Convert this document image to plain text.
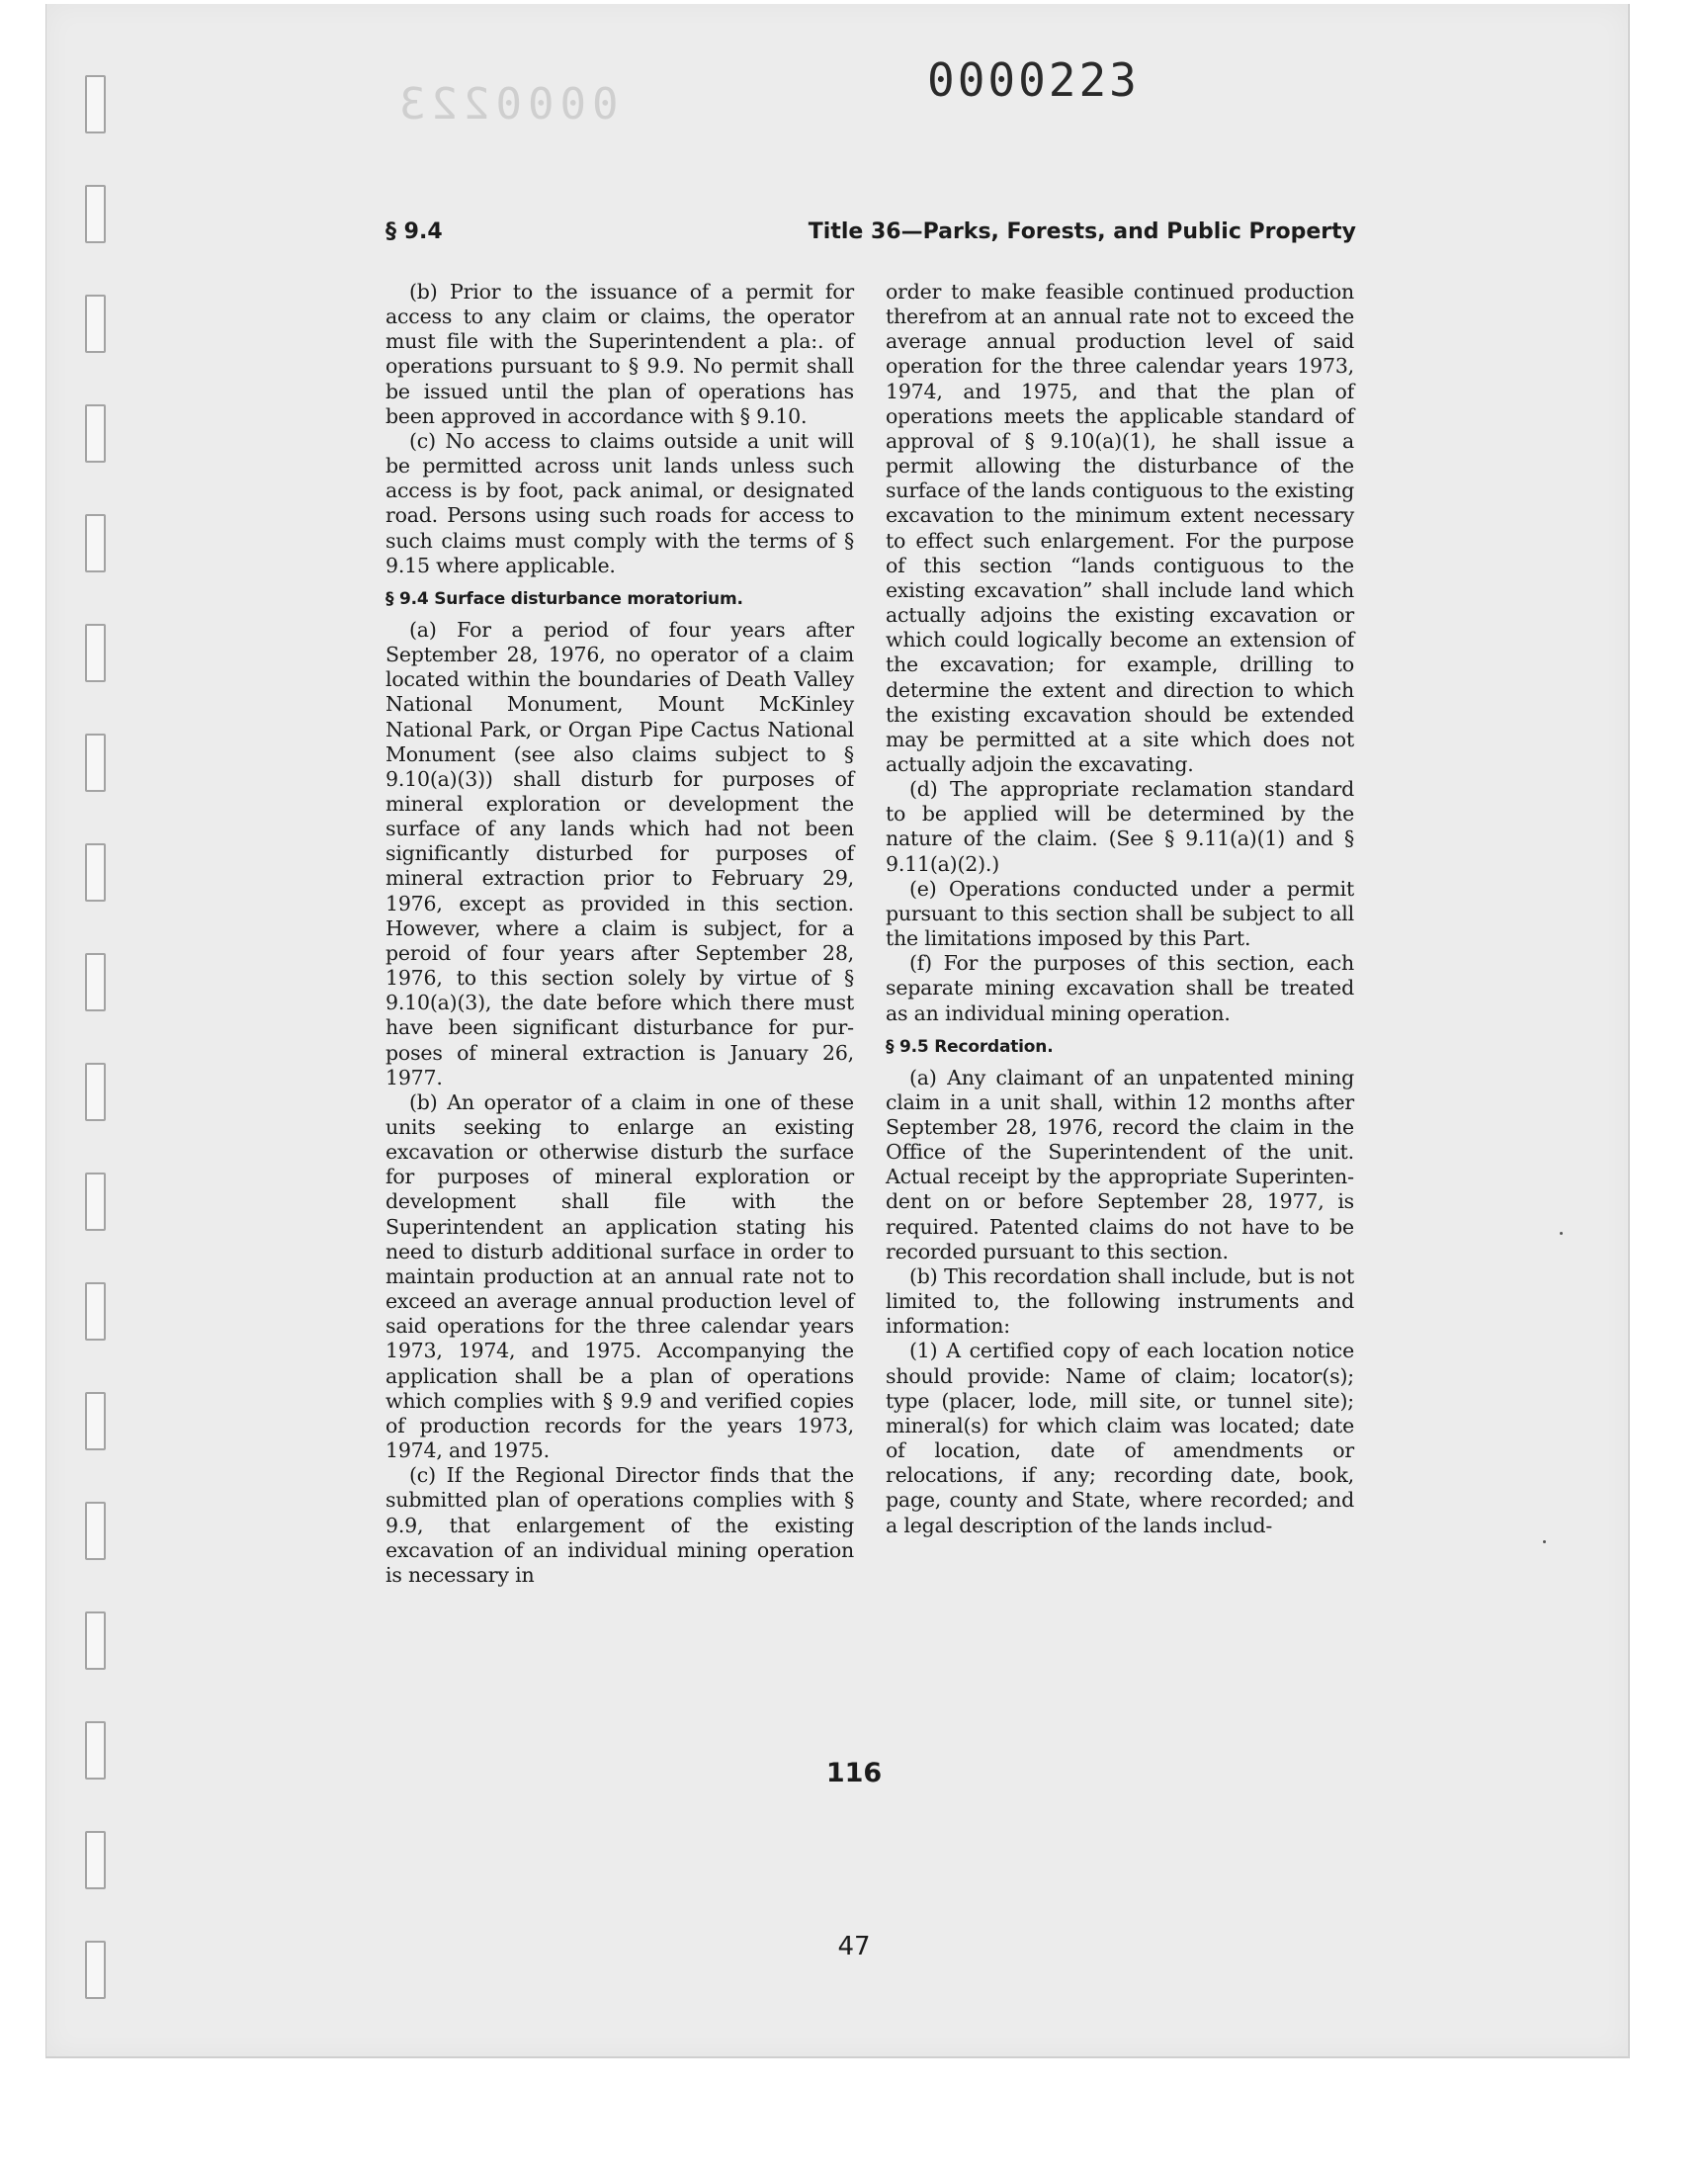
0000223	0000223
§ 9.4	Title 36—Parks, Forests, and Public Property

(b) Prior to the issuance of a permit for access to any claim or claims, the operator must file with the Superintendent a pla:. of operations pursuant to § 9.9. No permit shall be issued until the plan of operations has been approved in accordance with § 9.10.

(c) No access to claims outside a unit will be permitted across unit lands unless such access is by foot, pack animal, or designated road. Persons using such roads for access to such claims must comply with the terms of § 9.15 where applicable.

§ 9.4 Surface disturbance moratorium.

(a) For a period of four years after September 28, 1976, no operator of a claim located within the boundaries of Death Valley National Monument, Mount McKinley National Park, or Organ Pipe Cactus National Monument (see also claims subject to § 9.10(a)(3)) shall disturb for purposes of mineral exploration or development the surface of any lands which had not been significantly disturbed for purposes of mineral extraction prior to February 29, 1976, except as provided in this section. However, where a claim is subject, for a peroid of four years after September 28, 1976, to this section solely by virtue of § 9.10(a)(3), the date before which there must have been significant disturbance for purposes of mineral extraction is January 26, 1977.

(b) An operator of a claim in one of these units seeking to enlarge an existing excavation or otherwise disturb the surface for purposes of mineral exploration or development shall file with the Superintendent an application stating his need to disturb additional surface in order to maintain production at an annual rate not to exceed an average annual production level of said operations for the three calendar years 1973, 1974, and 1975. Accompanying the application shall be a plan of operations which complies with § 9.9 and verified copies of production records for the years 1973, 1974, and 1975.

(c) If the Regional Director finds that the submitted plan of operations complies with § 9.9, that enlargement of the existing excavation of an individual mining operation is necessary in

order to make feasible continued production therefrom at an annual rate not to exceed the average annual production level of said operation for the three calendar years 1973, 1974, and 1975, and that the plan of operations meets the applicable standard of approval of § 9.10(a)(1), he shall issue a permit allowing the disturbance of the surface of the lands contiguous to the existing excavation to the minimum extent necessary to effect such enlargement. For the purpose of this section “lands contiguous to the existing excavation” shall include land which actually adjoins the existing excavation or which could logically become an extension of the excavation; for example, drilling to determine the extent and direction to which the existing excavation should be extended may be permitted at a site which does not actually adjoin the excavating.

(d) The appropriate reclamation standard to be applied will be determined by the nature of the claim. (See § 9.11(a)(1) and § 9.11(a)(2).)

(e) Operations conducted under a permit pursuant to this section shall be subject to all the limitations imposed by this Part.

(f) For the purposes of this section, each separate mining excavation shall be treated as an individual mining operation.

§ 9.5 Recordation.

(a) Any claimant of an unpatented mining claim in a unit shall, within 12 months after September 28, 1976, record the claim in the Office of the Superintendent of the unit. Actual receipt by the appropriate Superintendent on or before September 28, 1977, is required. Patented claims do not have to be recorded pursuant to this section.

(b) This recordation shall include, but is not limited to, the following instruments and information:

(1) A certified copy of each location notice should provide: Name of claim; locator(s); type (placer, lode, mill site, or tunnel site); mineral(s) for which claim was located; date of location, date of amendments or relocations, if any; recording date, book, page, county and State, where recorded; and a legal description of the lands includ-

116
47
